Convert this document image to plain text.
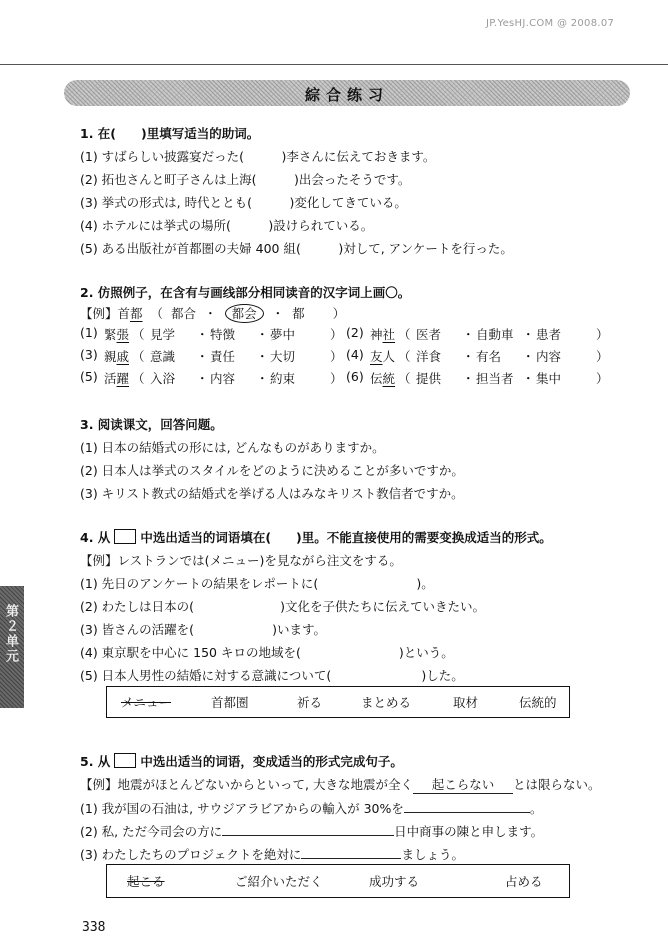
JP.YesHJ.COM @ 2008.07
綜合练习
1. 在(　　)里填写适当的助词。
(1) すばらしい披露宴だった(　　　)李さんに伝えておきます。
(2) 拓也さんと町子さんは上海(　　　)出会ったそうです。
(3) 挙式の形式は, 時代ととも(　　　)変化してきている。
(4) ホテルには挙式の場所(　　　)設けられている。
(5) ある出版社が首都圏の夫婦 400 組(　　　)対して, アンケートを行った。
2. 仿照例子，在含有与画线部分相同读音的汉字词上画〇。
【例】首 都 （ 都合 ・	都会	・ 都 ）
(1) 緊張 （ 見学 ・ 特徴 ・ 夢中	） (2) 神社 （ 医者 ・ 自動車 ・ 患者	）
(3) 親戚 （ 意識 ・ 責任 ・ 大切	） (4) 友人 （ 洋食 ・ 有名 ・ 内容	）
(5) 活躍 （ 入浴 ・ 内容 ・ 約束	） (6) 伝統 （ 提供 ・ 担当者 ・ 集中	）
3. 阅读课文，回答问题。
(1) 日本の結婚式の形には, どんなものがありますか。
(2) 日本人は挙式のスタイルをどのように決めることが多いですか。
(3) キリスト教式の結婚式を挙げる人はみなキリスト教信者ですか。
4. 从 中选出适当的词语填在(　　)里。不能直接使用的需要变换成适当的形式。
【例】レストランでは(メニュー)を見ながら注文をする。
(1) 先日のアンケートの結果をレポートに(	)。
(2) わたしは日本の(	)文化を子供たちに伝えていきたい。
(3) 皆さんの活躍を(	)います。
(4) 東京駅を中心に 150 キロの地域を(	)という。
(5) 日本人男性の結婚に対する意識について(	)した。
メニュー	首都圏	祈る	まとめる	取材	伝統的
5. 从 中选出适当的词语，变成适当的形式完成句子。
【例】地震がほとんどないからといって, 大きな地震が全く 起こらない とは限らない。
(1) 我が国の石油は, サウジアラビアからの輸入が 30%を	。
(2) 私, ただ今司会の方に	日中商事の陳と申します。
(3) わたしたちのプロジェクトを絶対に	ましょう。
起こる	ご紹介いただく	成功する	占める
第２单元
338
